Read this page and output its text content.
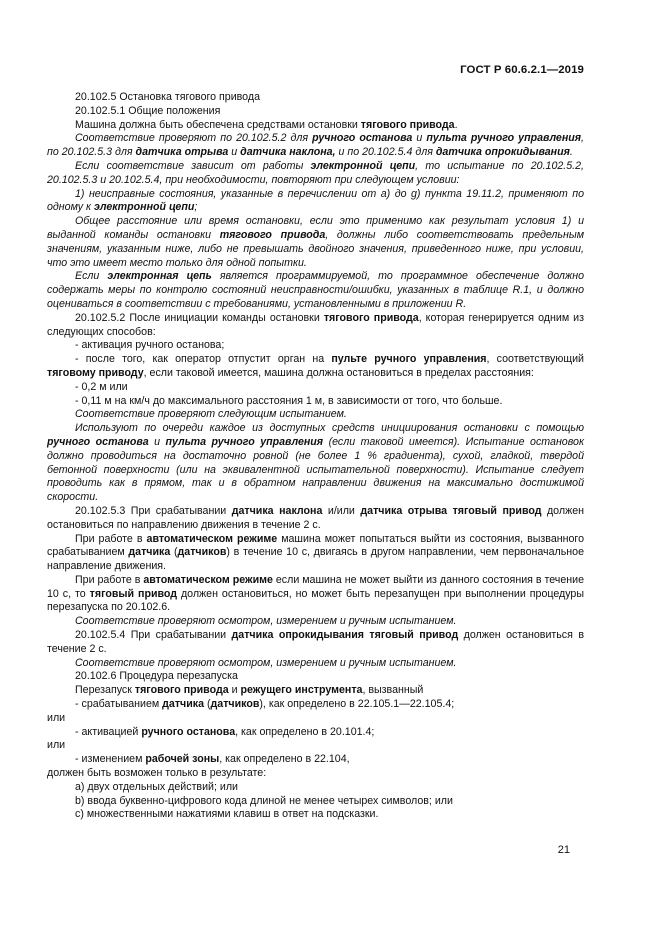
ГОСТ Р 60.6.2.1—2019

20.102.5 Остановка тягового привода

20.102.5.1 Общие положения

Машина должна быть обеспечена средствами остановки тягового привода.

Соответствие проверяют по 20.102.5.2 для ручного останова и пульта ручного управления, по 20.102.5.3 для датчика отрыва и датчика наклона, и по 20.102.5.4 для датчика опрокидывания.

Если соответствие зависит от работы электронной цепи, то испытание по 20.102.5.2, 20.102.5.3 и 20.102.5.4, при необходимости, повторяют при следующем условии:

1) неисправные состояния, указанные в перечислении от а) до g) пункта 19.11.2, применяют по одному к электронной цепи;

Общее расстояние или время остановки, если это применимо как результат условия 1) и выданной команды остановки тягового привода, должны либо соответствовать предельным значениям, указанным ниже, либо не превышать двойного значения, приведенного ниже, при условии, что это имеет место только для одной попытки.

Если электронная цепь является программируемой, то программное обеспечение должно содержать меры по контролю состояний неисправности/ошибки, указанных в таблице R.1, и должно оцениваться в соответствии с требованиями, установленными в приложении R.

20.102.5.2 После инициации команды остановки тягового привода, которая генерируется одним из следующих способов:

- активация ручного останова;

- после того, как оператор отпустит орган на пульте ручного управления, соответствующий тяговому приводу, если таковой имеется, машина должна остановиться в пределах расстояния:

- 0,2 м или

- 0,11 м на км/ч до максимального расстояния 1 м, в зависимости от того, что больше.

Соответствие проверяют следующим испытанием.

Используют по очереди каждое из доступных средств инициирования остановки с помощью ручного останова и пульта ручного управления (если таковой имеется). Испытание остановок должно проводиться на достаточно ровной (не более 1 % градиента), сухой, гладкой, твердой бетонной поверхности (или на эквивалентной испытательной поверхности). Испытание следует проводить как в прямом, так и в обратном направлении движения на максимально достижимой скорости.

20.102.5.3 При срабатывании датчика наклона и/или датчика отрыва тяговый привод должен остановиться по направлению движения в течение 2 с.

При работе в автоматическом режиме машина может попытаться выйти из состояния, вызванного срабатыванием датчика (датчиков) в течение 10 с, двигаясь в другом направлении, чем первоначальное направление движения.

При работе в автоматическом режиме если машина не может выйти из данного состояния в течение 10 с, то тяговый привод должен остановиться, но может быть перезапущен при выполнении процедуры перезапуска по 20.102.6.

Соответствие проверяют осмотром, измерением и ручным испытанием.

20.102.5.4 При срабатывании датчика опрокидывания тяговый привод должен остановиться в течение 2 с.

Соответствие проверяют осмотром, измерением и ручным испытанием.

20.102.6 Процедура перезапуска

Перезапуск тягового привода и режущего инструмента, вызванный

- срабатыванием датчика (датчиков), как определено в 22.105.1—22.105.4;

или

- активацией ручного останова, как определено в 20.101.4;

или

- изменением рабочей зоны, как определено в 22.104,

должен быть возможен только в результате:

a) двух отдельных действий; или

b) ввода буквенно-цифрового кода длиной не менее четырех символов; или

c) множественными нажатиями клавиш в ответ на подсказки.

21
